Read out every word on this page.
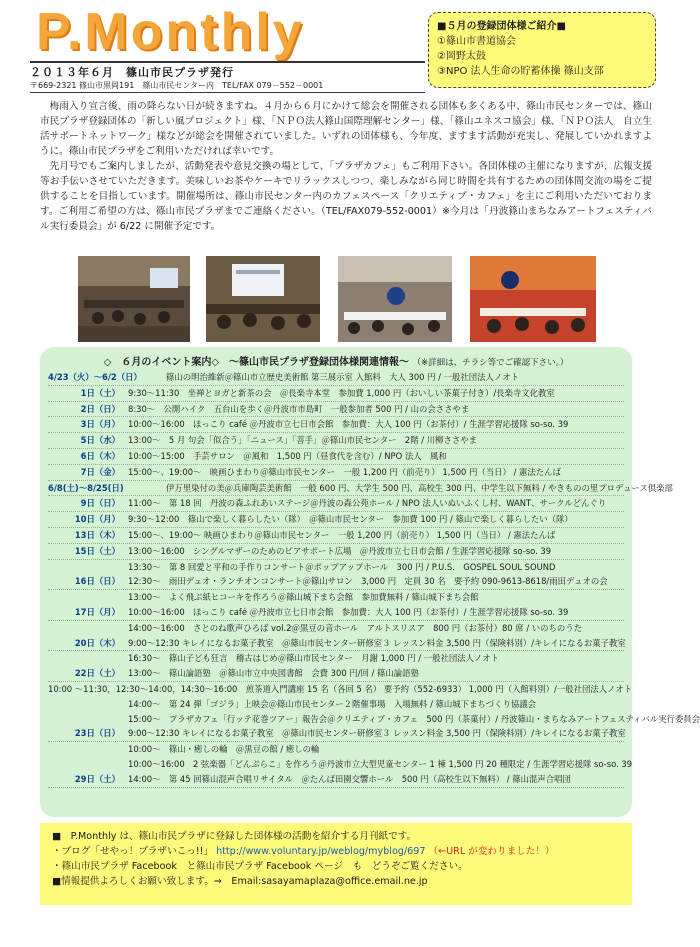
P.Monthly
２０１３年６月　篠山市民プラザ発行
〒669-2321 篠山市黒岡191　篠山市民センター内　TEL/FAX 079－552－0001
■５月の登録団体様ご紹介■
①篠山市書道協会
②岡野太鼓
③NPO 法人生命の貯蓄体操 篠山支部

梅雨入り宣言後、雨の降らない日が続きますね。４月から６月にかけて総会を開催される団体も多くある中、篠山市民センターでは、篠山市民プラザ登録団体の「新しい風プロジェクト」様、「ＮＰＯ法人篠山国際理解センター」様、「篠山ユネスコ協会」様、「ＮＰＯ法人　自立生活サポートネットワーク」様などが総会を開催されていました。いずれの団体様も、今年度、ますます活動が充実し、発展していかれますように。篠山市民プラザをご利用いただければ幸いです。

先月号でもご案内しましたが、活動発表や意見交換の場として、「プラザカフェ」もご利用下さい。各団体様の主催になりますが、広報支援等お手伝いさせていただきます。美味しいお茶やケーキでリラックスしつつ、楽しみながら同じ時間を共有するための団体間交流の場をご提供することを目指しています。開催場所は、篠山市民センター内のカフェスペース「クリエティブ・カフェ」を主にご利用いただいております。ご利用ご希望の方は、篠山市民プラザまでご連絡ください。（TEL/FAX079-552-0001）※今月は「丹波篠山まちなみアートフェスティバル実行委員会」が 6/22 に開催予定です。

◇　６月のイベント案内◇　～篠山市民プラザ登録団体様関連情報～ （※詳細は、チラシ等でご確認下さい。）
4/23（火）～6/2（日）	篠山の明治維新＠篠山市立歴史美術館 第三展示室 入館料　大人 300 円 / 一般社団法人ノオト
1日（土） 9:30～11:30　坐禅とヨガと新茶の会　＠長楽寺本堂　参加費 1,000 円（おいしい茶菓子付き）/長楽寺文化教室
2日（日） 8:30～　公開ハイク　五台山を歩く＠丹波市市島町　一般参加者 500 円 / 山の会ささやま
3日（月） 10:00～16:00　ほっこり café ＠丹波市立七日市会館　参加費：大人 100 円（お茶付）/ 生涯学習応援隊 so-so. 39
5日（水） 13:00～　5 月 句会「似合う」「ニュース」「菩手」＠篠山市民センター　2階 / 川柳ささやま
6日（木） 10:00～15:00　手芸サロン　＠風和　1,500 円（昼食代を含む）/ NPO 法人　風和
7日（金） 15:00～、19:00～　映画ひまわり＠篠山市民センター　一般 1,200 円（前売り） 1,500 円（当日） / 憲法たんば
6/8(土)～8/25(日)	伊万里染付の美＠兵庫陶芸美術館　一般 600 円、大学生 500 円、高校生 300 円、中学生以下無料 / やきものの里プロデュース倶楽部
9日（日） 11:00～　第 18 回　丹波の森ふれあいステージ＠丹波の森公苑ホール / NPO 法人いぬいふくし村、WANT、サークルどんぐり
10日（月） 9:30～12:00　篠山で楽しく暮らしたい（隊）　＠篠山市民センター　参加費 100 円 / 篠山で楽しく暮らしたい（隊）
13日（木） 15:00～、19:00～ 映画ひまわり＠篠山市民センター　一般 1,200 円（前売り） 1,500 円（当日） / 憲法たんば
15日（土） 13:00～16:00　シングルマザーのためのピアサポート広場　＠丹波市立七日市会館 / 生涯学習応援隊 so-so. 39
13:30～　第 8 回愛と平和の手作りコンサート＠ポップアップホール　300 円 / P.U.S.　GOSPEL SOUL SOUND
16日（日） 12:30～　雨田デュオ・ランチオンコンサート＠篠山サロン　3,000 円　定員 30 名　要予約 090-9613-8618/雨田デュオの会
13:00～　よく飛ぶ紙ヒコーキを作ろう＠篠山城下まち会館　参加費無料 / 篠山城下まち会館
17日（月） 10:00～16:00　ほっこり café ＠丹波市立七日市会館　参加費：大人 100 円（お茶付）/ 生涯学習応援隊 so-so. 39
14:00～16:00　さとのね歌声ひろば vol.2＠黒豆の音ホール　アルトスリスア　800 円（お茶付）80 席 / いのちのうた
20日（木） 9:00～12:30 キレイになるお菓子教室　＠篠山市民センター研修室３ レッスン料金 3,500 円（保険料別）/キレイになるお菓子教室
16:30～　篠山子ども狂言　稽古はじめ＠篠山市民センター　月謝 1,000 円 / 一般社団法人ノオト
22日（土） 13:00～　篠山論語塾　＠篠山市立中央図書館　会費 300 円/回 / 篠山論語塾
10:00 ～11:30，12:30～14:00，14:30～16:00　煎茶道入門講座 15 名（各回 5 名） 要予約（552-6933） 1,000 円（入館料別）/一般社団法人ノオト
14:00～　第 24 弾「ゴジラ」上映会＠篠山市民センター２階催事場　入場無料 / 篠山城下まちづくり協議会
15:00～　プラザカフェ「行ッテ花巻ツアー」報告会＠クリエティブ・カフェ　500 円（茶菓付）/ 丹波篠山・まちなみアートフェスティバル実行委員会
23日（日） 9:00～12:30 キレイになるお菓子教室　＠篠山市民センター研修室３ レッスン料金 3,500 円（保険料別）/キレイになるお菓子教室
10:00～　篠山・癒しの輪　＠黒豆の館 / 癒しの輪
10:00～16:00　2 弦楽器「どんぶらこ」を作ろう＠丹波市立大型児童センター 1 棟 1,500 円 20 種限定 / 生涯学習応援隊 so-so. 39
29日（土） 14:00～　第 45 回篠山混声合唱リサイタル　＠たんば田園交響ホール　500 円（高校生以下無料） / 篠山混声合唱団
■　P.Monthly は、篠山市民プラザに登録した団体様の活動を紹介する月刊紙です。
・ブログ「せやっ！プラザいこっ!!」 http://www.voluntary.jp/weblog/myblog/697 （←URL が変わりました！）
・篠山市民プラザ Facebook　と篠山市民プラザ Facebook ページ　も　どうぞご覧ください。
■情報提供よろしくお願い致します。⇒　Email:sasayamaplaza@office.email.ne.jp
